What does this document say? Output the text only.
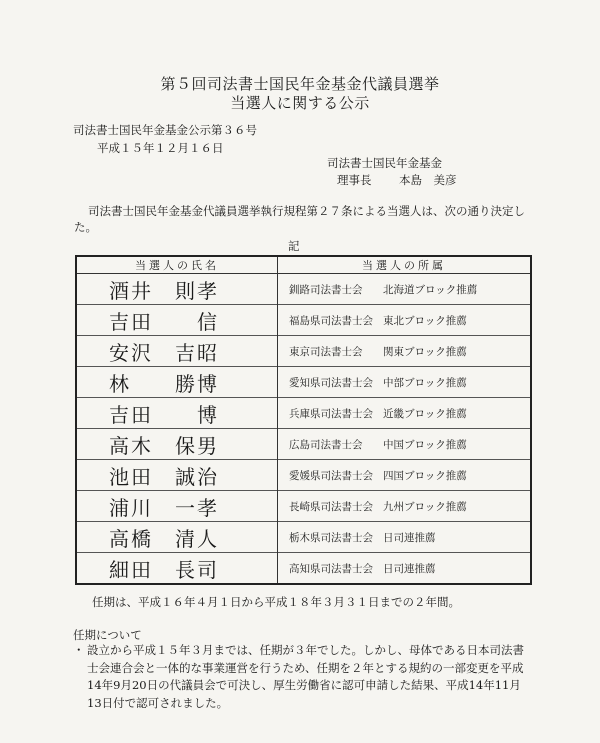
第５回司法書士国民年金基金代議員選挙
当選人に関する公示
司法書士国民年金基金公示第３６号
平成１５年１２月１６日
司法書士国民年金基金
理事長 本島　美彦
司法書士国民年金基金代議員選挙執行規程第２７条による当選人は、次の通り決定した。
記
当選人の氏名	当選人の所属
酒井　則孝	釧路司法書士会 北海道ブロック推薦
吉田　　信	福島県司法書士会 東北ブロック推薦
安沢　吉昭	東京司法書士会 関東ブロック推薦
林　　勝博	愛知県司法書士会 中部ブロック推薦
吉田　　博	兵庫県司法書士会 近畿ブロック推薦
高木　保男	広島司法書士会 中国ブロック推薦
池田　誠治	愛媛県司法書士会 四国ブロック推薦
浦川　一孝	長崎県司法書士会 九州ブロック推薦
高橋　清人	栃木県司法書士会 日司連推薦
細田　長司	高知県司法書士会 日司連推薦
任期は、平成１６年４月１日から平成１８年３月３１日までの２年間。
任期について
・ 設立から平成１５年３月までは、任期が３年でした。しかし、母体である日本司法書士会連合会と一体的な事業運営を行うため、任期を２年とする規約の一部変更を平成14年9月20日の代議員会で可決し、厚生労働省に認可申請した結果、平成14年11月13日付で認可されました。
